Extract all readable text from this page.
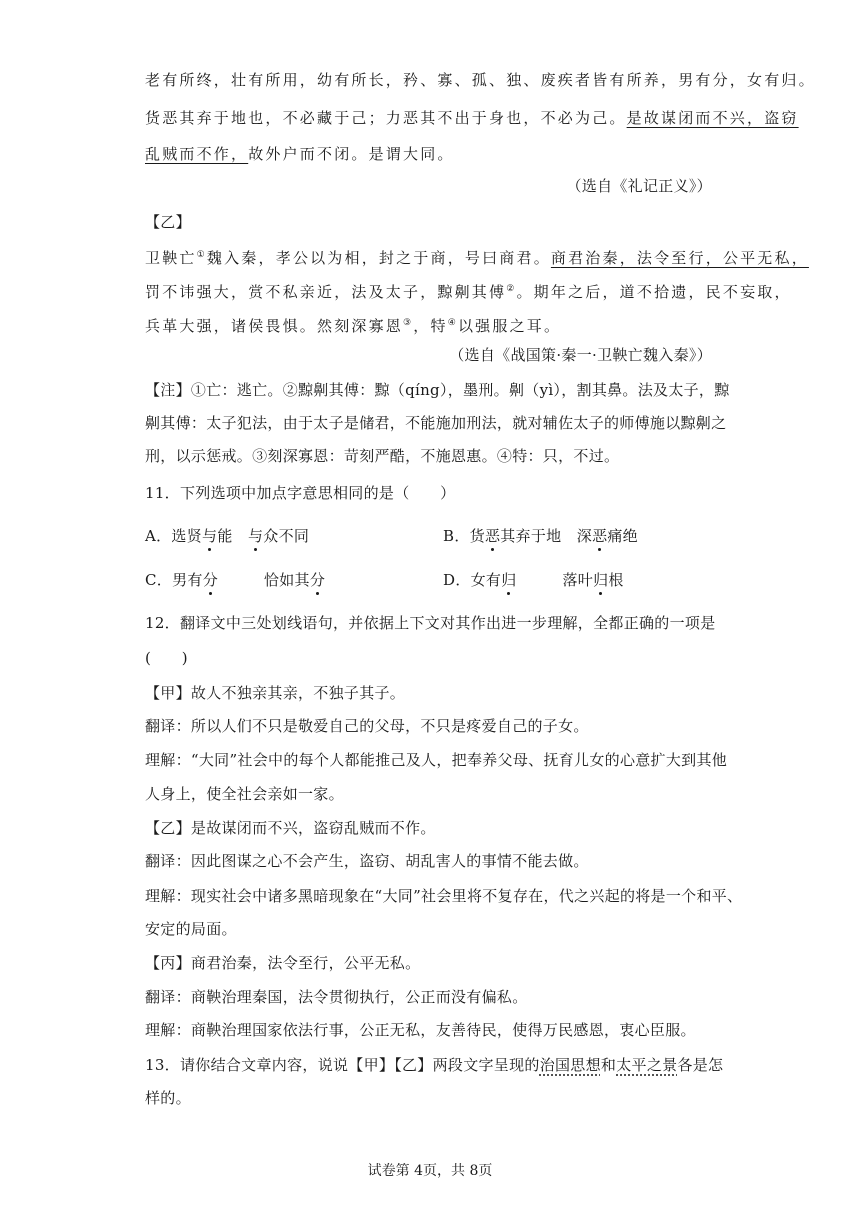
老有所终，壮有所用，幼有所长，矜、寡、孤、独、废疾者皆有所养，男有分，女有归。
货恶其弃于地也，不必藏于己；力恶其不出于身也，不必为己。是故谋闭而不兴，盗窃
乱贼而不作，故外户而不闭。是谓大同。
（选自《礼记正义》）
【乙】
卫鞅亡①魏入秦，孝公以为相，封之于商，号曰商君。商君治秦，法令至行，公平无私，
罚不讳强大，赏不私亲近，法及太子，黥劓其傅②。期年之后，道不拾遗，民不妄取，
兵革大强，诸侯畏惧。然刻深寡恩③，特④以强服之耳。
（选自《战国策·秦一·卫鞅亡魏入秦》）
【注】①亡：逃亡。②黥劓其傅：黥（qíng），墨刑。劓（yì），割其鼻。法及太子，黥
劓其傅：太子犯法，由于太子是储君，不能施加刑法，就对辅佐太子的师傅施以黥劓之
刑，以示惩戒。③刻深寡恩：苛刻严酷，不施恩惠。④特：只，不过。
11．下列选项中加点字意思相同的是（　　）
A．选贤与能　与众不同	B．货恶其弃于地　深恶痛绝
C．男有分　　　恰如其分	D．女有归　　　落叶归根
12．翻译文中三处划线语句，并依据上下文对其作出进一步理解，全都正确的一项是
(　　)
【甲】故人不独亲其亲，不独子其子。
翻译：所以人们不只是敬爱自己的父母，不只是疼爱自己的子女。
理解：“大同”社会中的每个人都能推己及人，把奉养父母、抚育儿女的心意扩大到其他
人身上，使全社会亲如一家。
【乙】是故谋闭而不兴，盗窃乱贼而不作。
翻译：因此图谋之心不会产生，盗窃、胡乱害人的事情不能去做。
理解：现实社会中诸多黑暗现象在“大同”社会里将不复存在，代之兴起的将是一个和平、
安定的局面。
【丙】商君治秦，法令至行，公平无私。
翻译：商鞅治理秦国，法令贯彻执行，公正而没有偏私。
理解：商鞅治理国家依法行事，公正无私，友善待民，使得万民感恩，衷心臣服。
13．请你结合文章内容，说说【甲】【乙】两段文字呈现的治国思想和太平之景各是怎
样的。
试卷第 4页，共 8页
